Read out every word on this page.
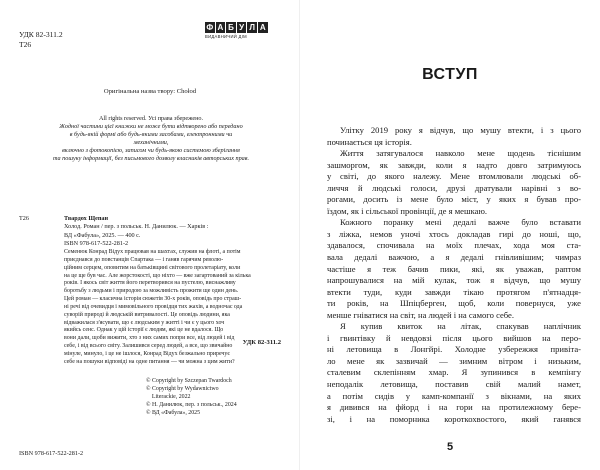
УДК 82-311.2
Т26
Ф А Б У Л А
ВИДАВНИЧИЙ ДІМ
Оригінальна назва твору: Chołod
All rights reserved. Усі права збережено.
Жодної частини цієї книжки не може бути відтворено або передано
в будь-якій формі або будь-якими засобами, електронними чи механічними,
включно з фотокопією, записом чи будь-якою системою зберігання
та пошуку інформації, без письмового дозволу власників авторських прав.
Т26	Твардох Щепан
Холод. Роман / пер. з польськ. Н. Данилюк. — Харків :
ВД «Фабула», 2025. — 400 с.
ISBN 978-617-522-281-2
Семенюк Конрад Відух працював на шахтах, служив на флоті, а потім
приєднався до повстанців Спартака — і ганяв гарячим револю-
ційним серцем, оповитим на батьківщині світового пролетаріату, коли
на це ще був час. Але жорстокості, що ніхто — вже загартований за кілька
років. І якось світ життя його перетворився на пустелю, виснажливу
боротьбу з людьми і природою за можливість прожити ще один день.
Цей роман — класична історія сюжетів 30-х років, оповідь про страш-
ні речі від очевидця і мимовільного провідця тих жахів, а водночас ода
суворій природі й людській витривалості. Це оповідь людини, яка
відважилася з'ясувати, що є людським у житті і чи є у цього хоч
якийсь сенс. Однак у цій історії є людям, які це не вдалося. Що
вони дали, щоби вижити, хто з них самих попри все, від людей і від
себе, і від всього світу. Залишився серед людей, а все, що звичайно
мінуле, минуло, і це не ішлося, Конрад Відух безжально приречує
себе на пошуки відповіді на одне питання — чи можна з цим жити?
УДК 82-311.2
© Copyright by Szczepan Twardoch
© Copyright by Wydawnictwo
Literackie, 2022
© Н. Данилюк, пер. з польськ., 2024
© ВД «Фабула», 2025
ISBN 978-617-522-281-2
ВСТУП
Улітку 2019 року я відчув, що мушу втекти, і з цього
починається ця історія.
Життя затягувалося навколо мене щодень тіснішим
зашморгом, як завжди, коли я надто довго затримуюсь
у світі, до якого належу. Мене втомлювали людські об-
личчя й людські голоси, друзі дратували нарівні з во-
рогами, досить із мене було міст, у яких я бував про-
їздом, як і сільської провінції, де я мешкаю.
Кожного поранку мені дедалі важче було вставати
з ліжка, немов уночі хтось докладав гирі до ноші, що,
здавалося, спочивала на моїх плечах, хода моя ста-
вала дедалі важчою, а я дедалі гнівливішим; чимраз
частіше я теж бачив пики, які, як уважав, раптом
напрошувалися на мій кулак, тож я відчув, що мушу
втекти туди, куди завжди тікаю протягом п'ятнадця-
ти років, на Шпіцберген, щоб, коли повернуся, уже
менше гніватися на світ, на людей і на самого себе.
Я купив квиток на літак, спакував наплічник
і гвинтівку й невдовзі після цього вийшов на перо-
ні летовища в Лонгйрі. Холодне узбережжя привіта-
ло мене як зазвичай — зимним вітром і низьким,
сталевим склепінням хмар. Я зупинився в кемпінгу
неподалік летовища, поставив свій малий намет,
а потім сидів у камп-компанії з вікнами, на яких
я дивився на фйорд і на гори на протилежному бере-
зі, і на поморника короткохвостого, який ганявся
5
